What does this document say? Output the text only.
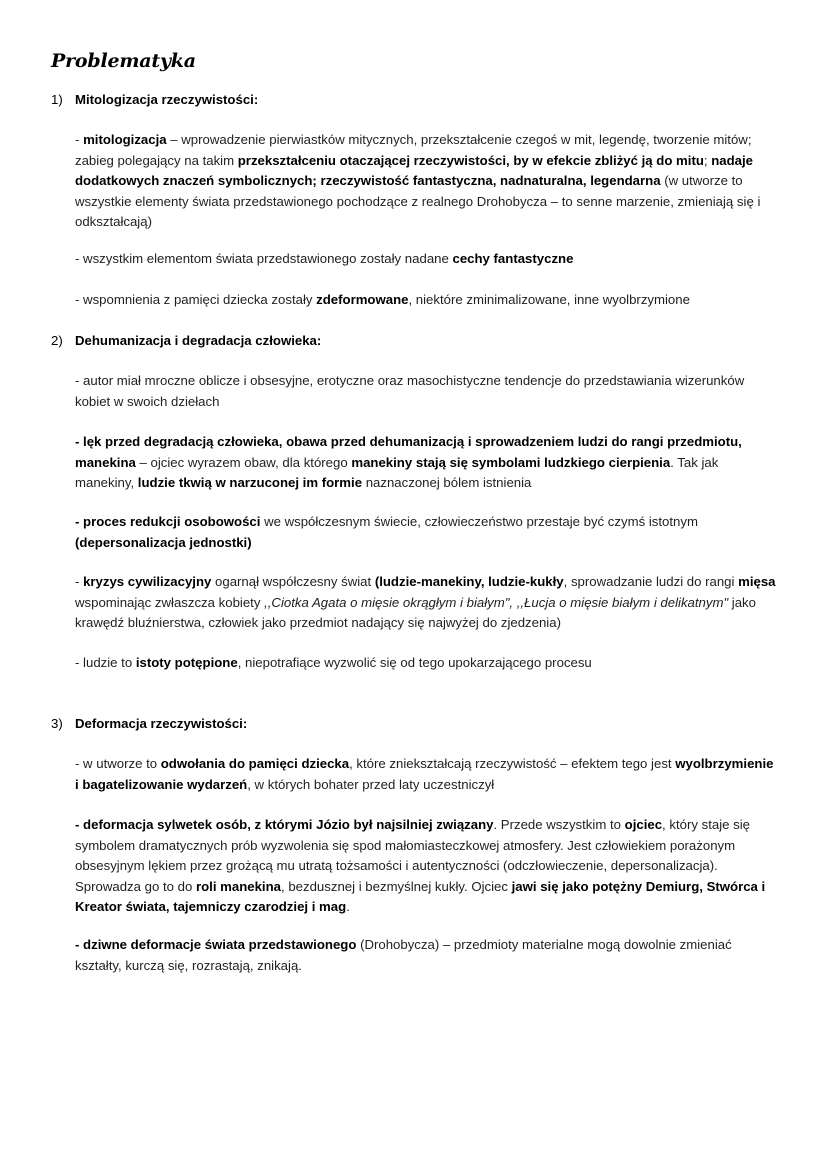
Problematyka
1) Mitologizacja rzeczywistości:

- mitologizacja – wprowadzenie pierwiastków mitycznych, przekształcenie czegoś w mit, legendę, tworzenie mitów; zabieg polegający na takim przekształceniu otaczającej rzeczywistości, by w efekcie zbliżyć ją do mitu; nadaje dodatkowych znaczeń symbolicznych; rzeczywistość fantastyczna, nadnaturalna, legendarna (w utworze to wszystkie elementy świata przedstawionego pochodzące z realnego Drohobycza – to senne marzenie, zmieniają się i odkształcają)

- wszystkim elementom świata przedstawionego zostały nadane cechy fantastyczne

- wspomnienia z pamięci dziecka zostały zdeformowane, niektóre zminimalizowane, inne wyolbrzymione

2) Dehumanizacja i degradacja człowieka:

- autor miał mroczne oblicze i obsesyjne, erotyczne oraz masochistyczne tendencje do przedstawiania wizerunków kobiet w swoich dziełach

- lęk przed degradacją człowieka, obawa przed dehumanizacją i sprowadzeniem ludzi do rangi przedmiotu, manekina – ojciec wyrazem obaw, dla którego manekiny stają się symbolami ludzkiego cierpienia. Tak jak manekiny, ludzie tkwią w narzuconej im formie naznaczonej bólem istnienia

- proces redukcji osobowości we współczesnym świecie, człowieczeństwo przestaje być czymś istotnym (depersonalizacja jednostki)

- kryzys cywilizacyjny ogarnął współczesny świat (ludzie-manekiny, ludzie-kukły, sprowadzanie ludzi do rangi mięsa wspominając zwłaszcza kobiety ,,Ciotka Agata o mięsie okrągłym i białym", ,,Łucja o mięsie białym i delikatnym" jako krawędź bluźnierstwa, człowiek jako przedmiot nadający się najwyżej do zjedzenia)

- ludzie to istoty potępione, niepotrafiące wyzwolić się od tego upokarzającego procesu

3) Deformacja rzeczywistości:

- w utworze to odwołania do pamięci dziecka, które zniekształcają rzeczywistość – efektem tego jest wyolbrzymienie i bagatelizowanie wydarzeń, w których bohater przed laty uczestniczył

- deformacja sylwetek osób, z którymi Józio był najsilniej związany. Przede wszystkim to ojciec, który staje się symbolem dramatycznych prób wyzwolenia się spod małomiasteczkowej atmosfery. Jest człowiekiem porażonym obsesyjnym lękiem przez grożącą mu utratą tożsamości i autentyczności (odczłowieczenie, depersonalizacja). Sprowadza go to do roli manekina, bezdusznej i bezmyślnej kukły. Ojciec jawi się jako potężny Demiurg, Stwórca i Kreator świata, tajemniczy czarodziej i mag.

- dziwne deformacje świata przedstawionego (Drohobycza) – przedmioty materialne mogą dowolnie zmieniać kształty, kurczą się, rozrastają, znikają.
